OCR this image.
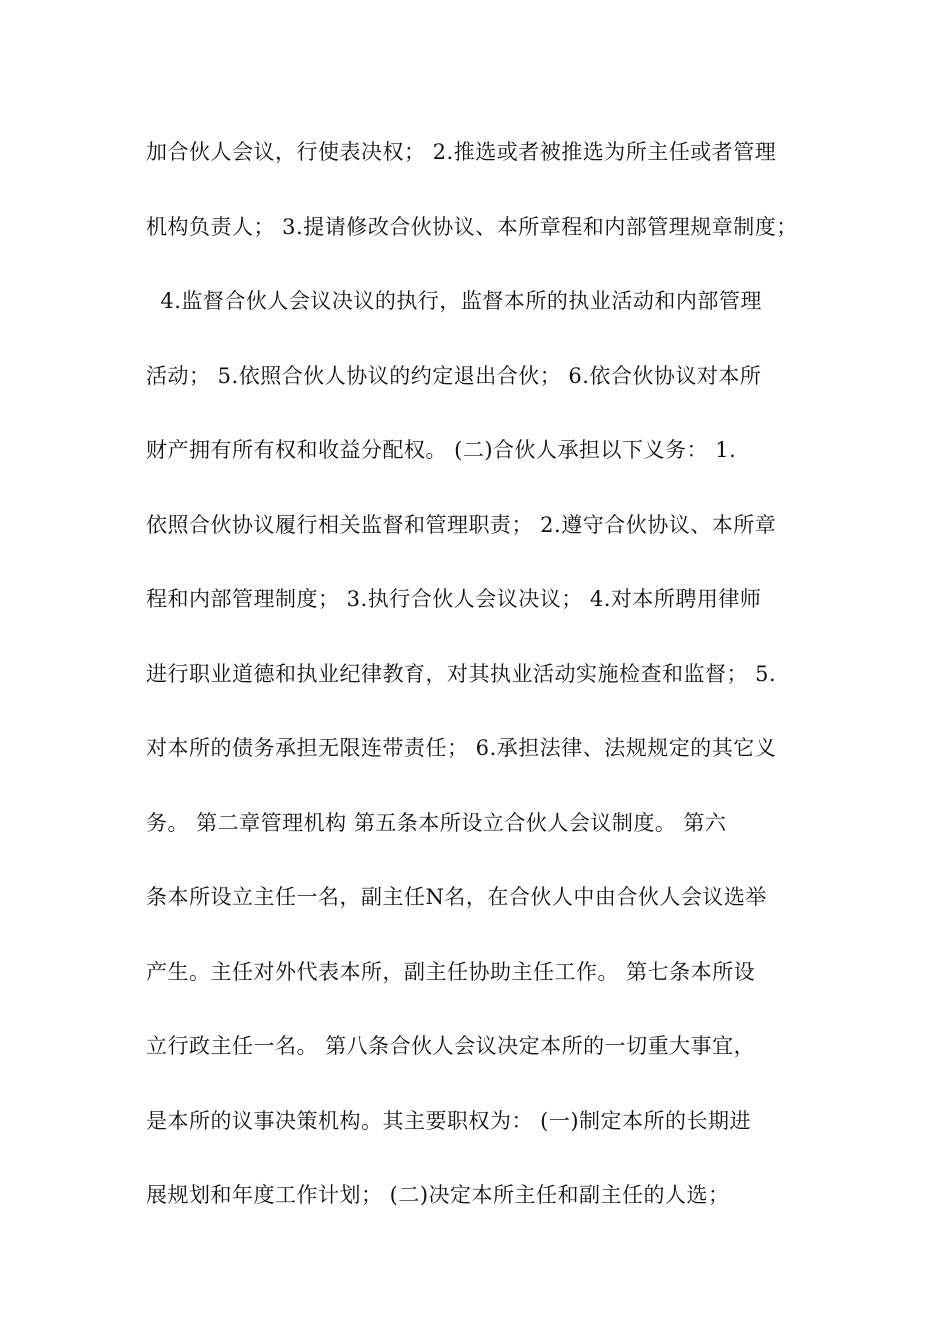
加合伙人会议，行使表决权； 2.推选或者被推选为所主任或者管理
机构负责人； 3.提请修改合伙协议、本所章程和内部管理规章制度；
4.监督合伙人会议决议的执行，监督本所的执业活动和内部管理
活动； 5.依照合伙人协议的约定退出合伙； 6.依合伙协议对本所
财产拥有所有权和收益分配权。 (二)合伙人承担以下义务： 1.
依照合伙协议履行相关监督和管理职责； 2.遵守合伙协议、本所章
程和内部管理制度； 3.执行合伙人会议决议； 4.对本所聘用律师
进行职业道德和执业纪律教育，对其执业活动实施检查和监督； 5.
对本所的债务承担无限连带责任； 6.承担法律、法规规定的其它义
务。 第二章管理机构 第五条本所设立合伙人会议制度。 第六
条本所设立主任一名，副主任N名，在合伙人中由合伙人会议选举
产生。主任对外代表本所，副主任协助主任工作。 第七条本所设
立行政主任一名。 第八条合伙人会议决定本所的一切重大事宜，
是本所的议事决策机构。其主要职权为： (一)制定本所的长期进
展规划和年度工作计划； (二)决定本所主任和副主任的人选；
